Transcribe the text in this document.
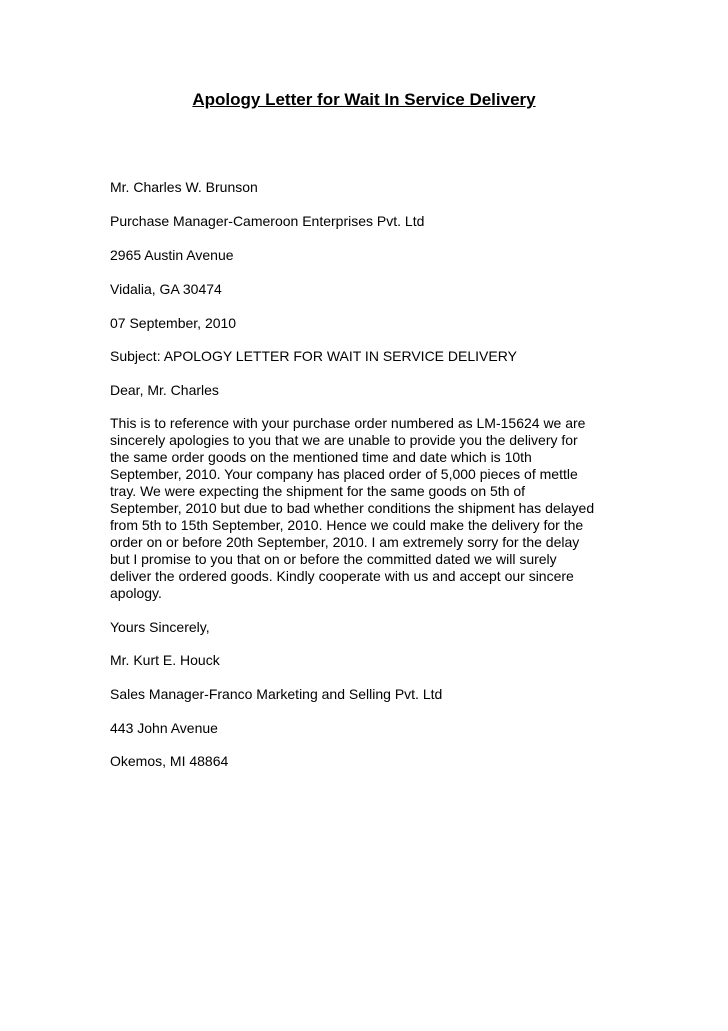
Apology Letter for Wait In Service Delivery

Mr. Charles W. Brunson

Purchase Manager-Cameroon Enterprises Pvt. Ltd

2965 Austin Avenue

Vidalia, GA 30474

07 September, 2010

Subject: APOLOGY LETTER FOR WAIT IN SERVICE DELIVERY

Dear, Mr. Charles

This is to reference with your purchase order numbered as LM-15624 we are
sincerely apologies to you that we are unable to provide you the delivery for
the same order goods on the mentioned time and date which is 10th
September, 2010. Your company has placed order of 5,000 pieces of mettle
tray. We were expecting the shipment for the same goods on 5th of
September, 2010 but due to bad whether conditions the shipment has delayed
from 5th to 15th September, 2010. Hence we could make the delivery for the
order on or before 20th September, 2010. I am extremely sorry for the delay
but I promise to you that on or before the committed dated we will surely
deliver the ordered goods. Kindly cooperate with us and accept our sincere
apology.

Yours Sincerely,

Mr. Kurt E. Houck

Sales Manager-Franco Marketing and Selling Pvt. Ltd

443 John Avenue

Okemos, MI 48864
